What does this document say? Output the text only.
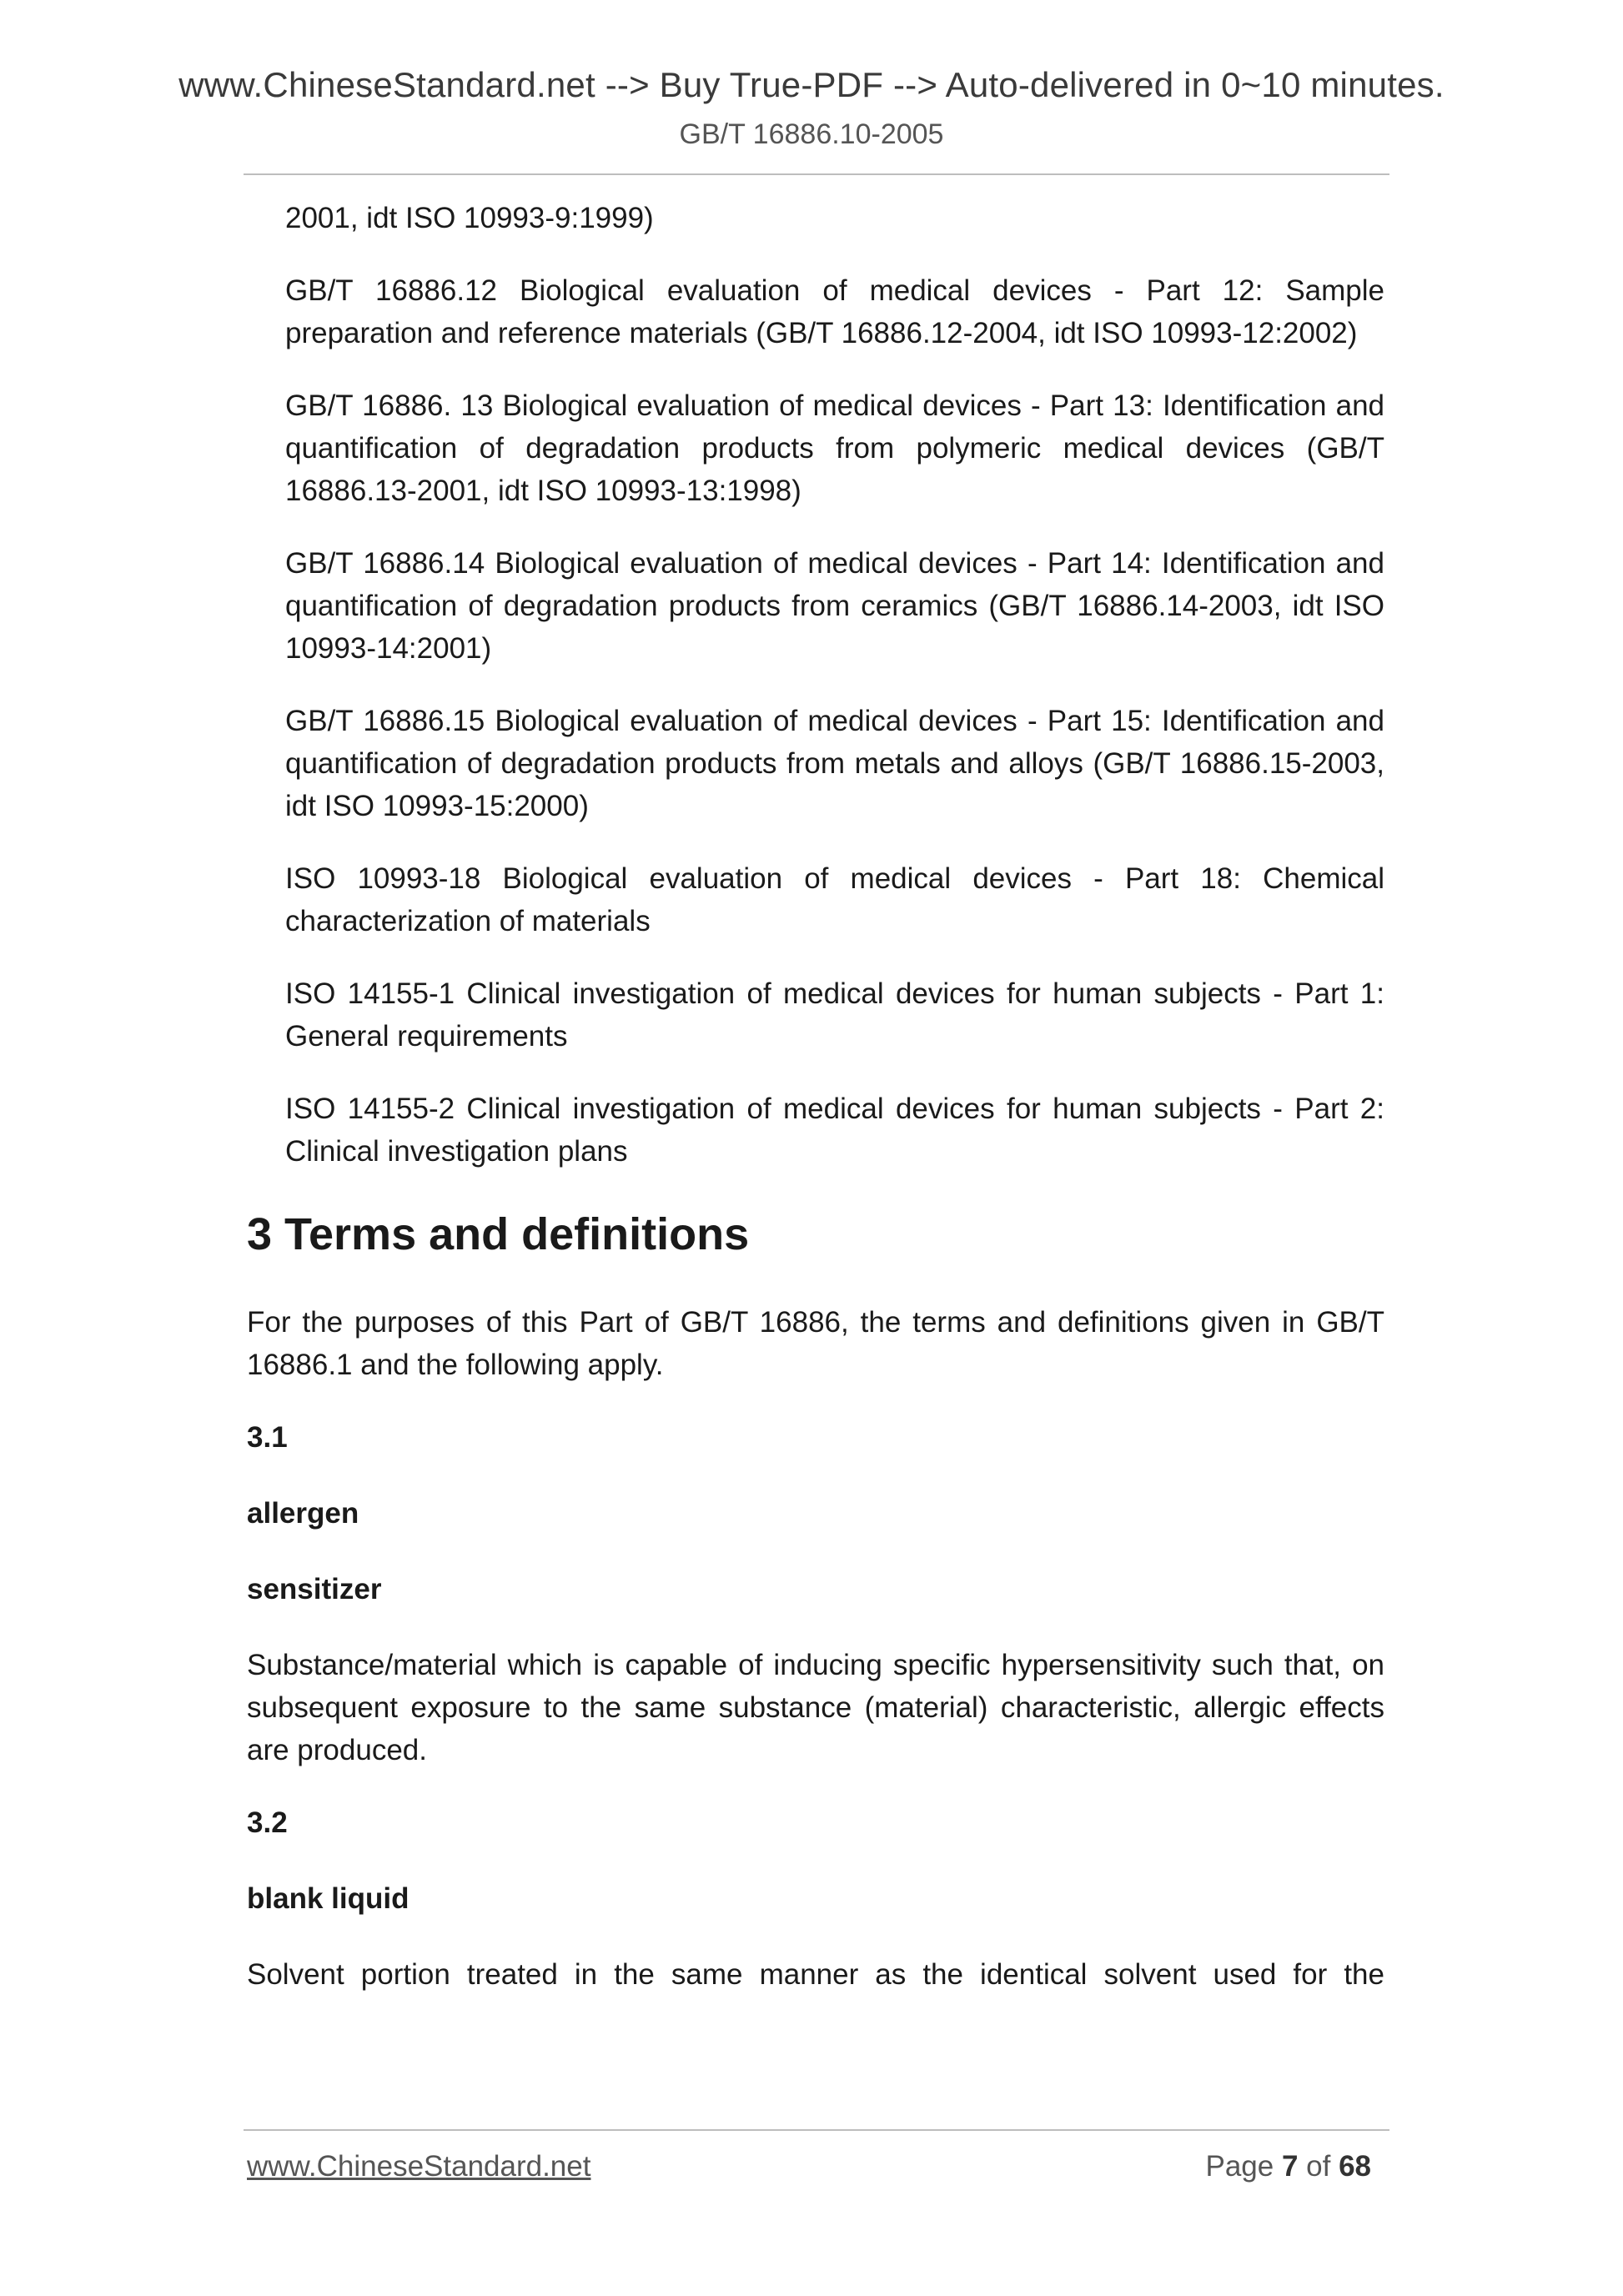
www.ChineseStandard.net --> Buy True-PDF --> Auto-delivered in 0~10 minutes.
GB/T 16886.10-2005

2001, idt ISO 10993-9:1999)

GB/T 16886.12 Biological evaluation of medical devices - Part 12: Sample preparation and reference materials (GB/T 16886.12-2004, idt ISO 10993-12:2002)

GB/T 16886. 13 Biological evaluation of medical devices - Part 13: Identification and quantification of degradation products from polymeric medical devices (GB/T 16886.13-2001, idt ISO 10993-13:1998)

GB/T 16886.14 Biological evaluation of medical devices - Part 14: Identification and quantification of degradation products from ceramics (GB/T 16886.14-2003, idt ISO 10993-14:2001)

GB/T 16886.15 Biological evaluation of medical devices - Part 15: Identification and quantification of degradation products from metals and alloys (GB/T 16886.15-2003, idt ISO 10993-15:2000)

ISO 10993-18 Biological evaluation of medical devices - Part 18: Chemical characterization of materials

ISO 14155-1 Clinical investigation of medical devices for human subjects - Part 1: General requirements

ISO 14155-2 Clinical investigation of medical devices for human subjects - Part 2: Clinical investigation plans

3 Terms and definitions

For the purposes of this Part of GB/T 16886, the terms and definitions given in GB/T 16886.1 and the following apply.

3.1

allergen

sensitizer

Substance/material which is capable of inducing specific hypersensitivity such that, on subsequent exposure to the same substance (material) characteristic, allergic effects are produced.

3.2

blank liquid

Solvent portion treated in the same manner as the identical solvent used for the

www.ChineseStandard.net	Page 7 of 68
